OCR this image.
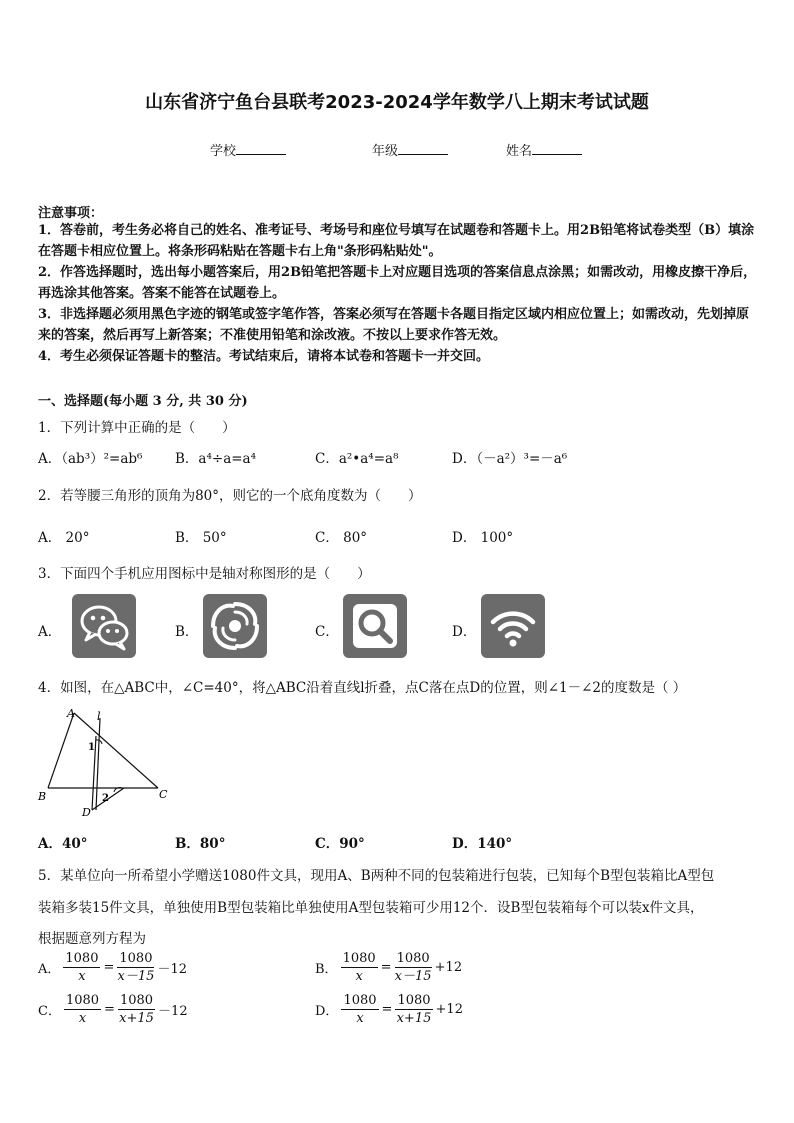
山东省济宁鱼台县联考2023-2024学年数学八上期末考试试题
学校	年级	姓名
注意事项：
1．答卷前，考生务必将自己的姓名、准考证号、考场号和座位号填写在试题卷和答题卡上。用2B铅笔将试卷类型（B）填涂在答题卡相应位置上。将条形码粘贴在答题卡右上角"条形码粘贴处"。
2．作答选择题时，选出每小题答案后，用2B铅笔把答题卡上对应题目选项的答案信息点涂黑；如需改动，用橡皮擦干净后，再选涂其他答案。答案不能答在试题卷上。
3．非选择题必须用黑色字迹的钢笔或签字笔作答，答案必须写在答题卡各题目指定区域内相应位置上；如需改动，先划掉原来的答案，然后再写上新答案；不准使用铅笔和涂改液。不按以上要求作答无效。
4．考生必须保证答题卡的整洁。考试结束后，请将本试卷和答题卡一并交回。
一、选择题(每小题 3 分, 共 30 分)
1．下列计算中正确的是（　　）
A．（ab³）²=ab⁶ B．a⁴÷a=a⁴	C．a²•a⁴=a⁸	D．（－a²）³=－a⁶
2．若等腰三角形的顶角为80°，则它的一个底角度数为（　　）
A． 20°	B． 50°	C． 80°	D． 100°
3．下面四个手机应用图标中是轴对称图形的是（　　）
A．	B．	C．	D．
4．如图，在△ABC中，∠C=40°，将△ABC沿着直线l折叠，点C落在点D的位置，则∠1－∠2的度数是（ ）
A l
1
B	C
D
2
A．40°	B．80°	C．90°	D．140°
5．某单位向一所希望小学赠送1080件文具，现用A、B两种不同的包装箱进行包装，已知每个B型包装箱比A型包
装箱多装15件文具，单独使用B型包装箱比单独使用A型包装箱可少用12个．设B型包装箱每个可以装x件文具，
根据题意列方程为
A． $\frac{1080}{x} = \frac{1080}{x-15} -12$	B． $\frac{1080}{x} = \frac{1080}{x-15} +12$
C． $\frac{1080}{x} = \frac{1080}{x+15} -12$	D． $\frac{1080}{x} = \frac{1080}{x+15} +12$
